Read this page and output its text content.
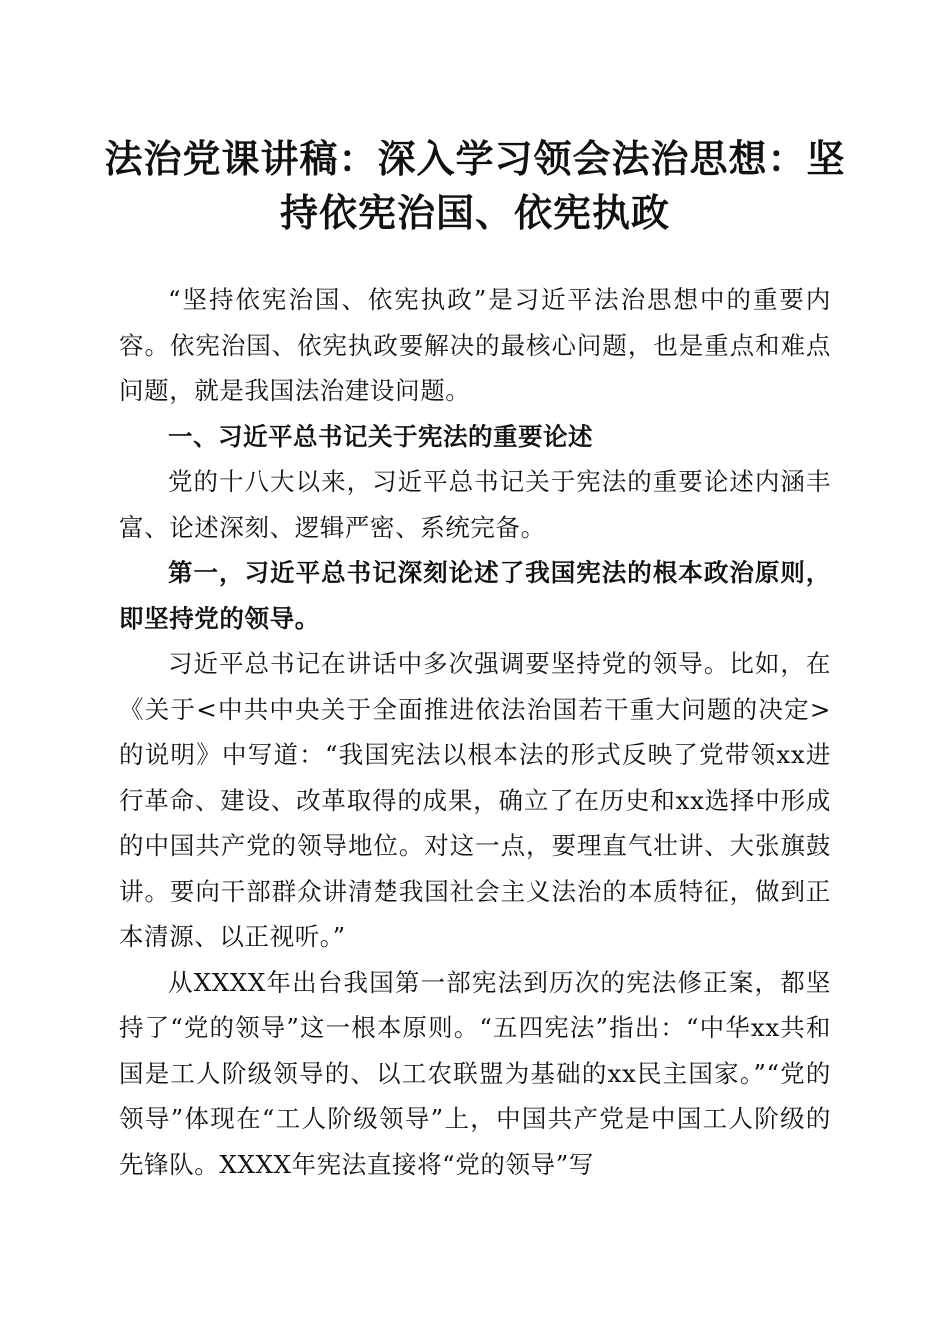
法治党课讲稿：深入学习领会法治思想：坚持依宪治国、依宪执政

“坚持依宪治国、依宪执政”是习近平法治思想中的重要内容。依宪治国、依宪执政要解决的最核心问题，也是重点和难点问题，就是我国法治建设问题。

一、习近平总书记关于宪法的重要论述

党的十八大以来，习近平总书记关于宪法的重要论述内涵丰富、论述深刻、逻辑严密、系统完备。

第一，习近平总书记深刻论述了我国宪法的根本政治原则，即坚持党的领导。

习近平总书记在讲话中多次强调要坚持党的领导。比如，在《关于<中共中央关于全面推进依法治国若干重大问题的决定>的说明》中写道：“我国宪法以根本法的形式反映了党带领xx进行革命、建设、改革取得的成果，确立了在历史和xx选择中形成的中国共产党的领导地位。对这一点，要理直气壮讲、大张旗鼓讲。要向干部群众讲清楚我国社会主义法治的本质特征，做到正本清源、以正视听。”

从XXXX年出台我国第一部宪法到历次的宪法修正案，都坚持了“党的领导”这一根本原则。“五四宪法”指出：“中华xx共和国是工人阶级领导的、以工农联盟为基础的xx民主国家。”“党的领导”体现在“工人阶级领导”上，中国共产党是中国工人阶级的先锋队。XXXX年宪法直接将“党的领导”写
